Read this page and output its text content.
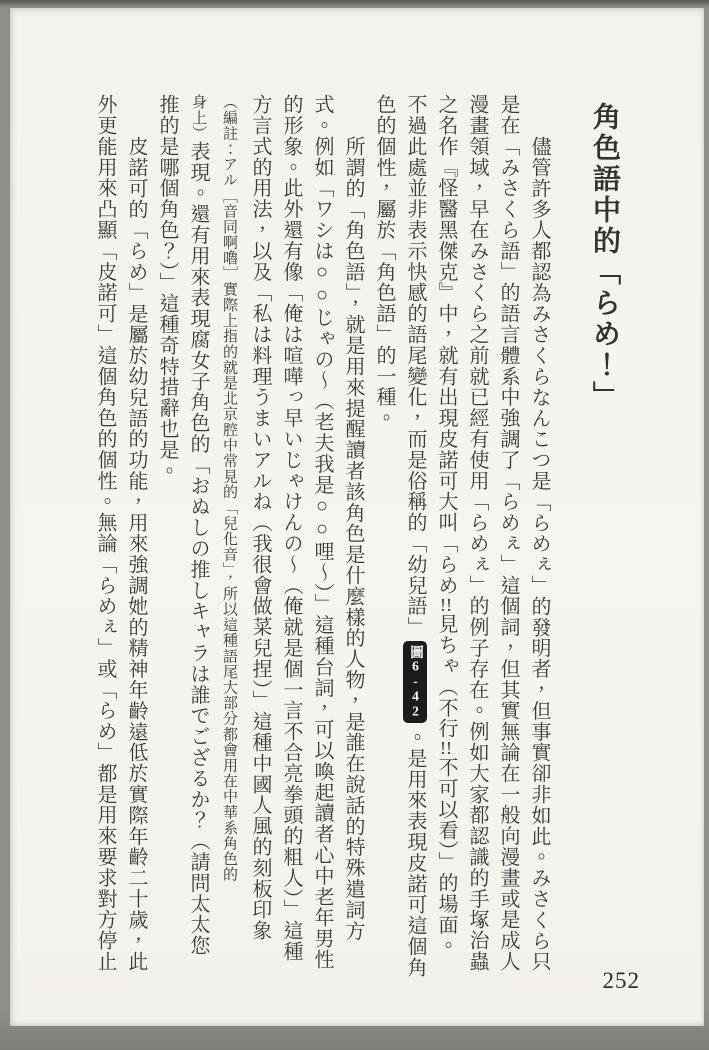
角色語中的「らめ！」
儘管許多人都認為みさくらなんこつ是「らめぇ」的發明者，但事實卻非如此。みさくら只
是在「みさくら語」的語言體系中強調了「らめぇ」這個詞，但其實無論在一般向漫畫或是成人
漫畫領域，早在みさくら之前就已經有使用「らめぇ」的例子存在。例如大家都認識的手塚治蟲
之名作『怪醫黑傑克』中，就有出現皮諾可大叫「らめ!!見ちゃ（不行!!不可以看）」的場面。
不過此處並非表示快感的語尾變化，而是俗稱的「幼兒語」圖6-42。是用來表現皮諾可這個角
色的個性，屬於「角色語」的一種。
所謂的「角色語」，就是用來提醒讀者該角色是什麼樣的人物，是誰在說話的特殊遣詞方
式。例如「ワシは○○じゃの〜（老夫我是○○哩〜）」這種台詞，可以喚起讀者心中老年男性
的形象。此外還有像「俺は喧嘩っ早いじゃけんの〜（俺就是個一言不合亮拳頭的粗人）」這種
方言式的用法，以及「私は料理うまいアルね（我很會做菜兒捏）」這種中國人風的刻板印象
（編註：アル［音同啊嚕］實際上指的就是北京腔中常見的「兒化音」，所以這種語尾大部分都會用在中華系角色的
身上）表現。還有用來表現腐女子角色的「おぬしの推しキャラは誰でござるか？（請問太太您
推的是哪個角色？）」這種奇特措辭也是。
皮諾可的「らめ」是屬於幼兒語的功能，用來強調她的精神年齡遠低於實際年齡二十歲，此
外更能用來凸顯「皮諾可」這個角色的個性。無論「らめぇ」或「らめ」都是用來要求對方停止
252
